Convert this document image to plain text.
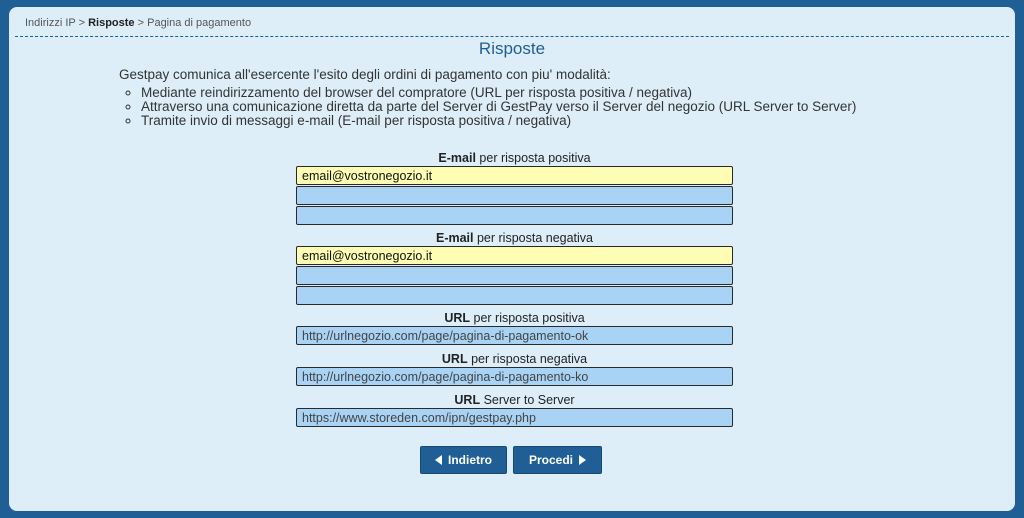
Indirizzi IP > Risposte > Pagina di pagamento
Risposte
Gestpay comunica all'esercente l'esito degli ordini di pagamento con piu' modalità:
◦ Mediante reindirizzamento del browser del compratore (URL per risposta positiva / negativa)
◦ Attraverso una comunicazione diretta da parte del Server di GestPay verso il Server del negozio (URL Server to Server)
◦ Tramite invio di messaggi e-mail (E-mail per risposta positiva / negativa)
E-mail per risposta positiva
email@vostronegozio.it
E-mail per risposta negativa
email@vostronegozio.it
URL per risposta positiva
http://urlnegozio.com/page/pagina-di-pagamento-ok
URL per risposta negativa
http://urlnegozio.com/page/pagina-di-pagamento-ko
URL Server to Server
https://www.storeden.com/ipn/gestpay.php
Indietro	Procedi
